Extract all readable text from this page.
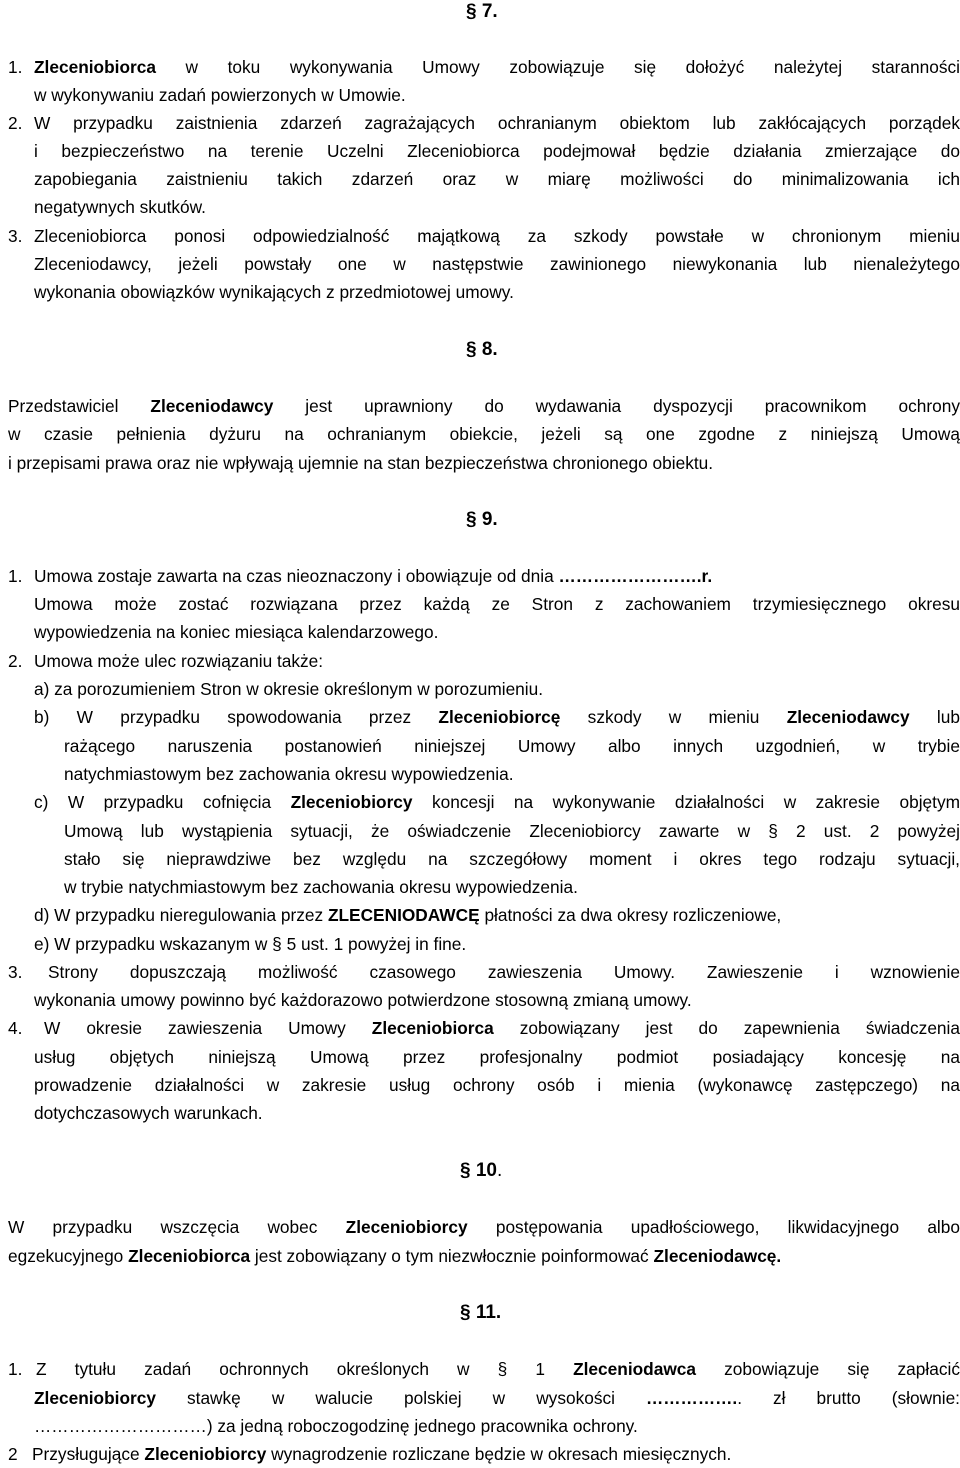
§ 7.
1. Zleceniobiorca w toku wykonywania Umowy zobowiązuje się dołożyć należytej staranności
w wykonywaniu zadań powierzonych w Umowie.
2. W przypadku zaistnienia zdarzeń zagrażających ochranianym obiektom lub zakłócających porządek
i bezpieczeństwo na terenie Uczelni Zleceniobiorca podejmował będzie działania zmierzające do
zapobiegania zaistnieniu takich zdarzeń oraz w miarę możliwości do minimalizowania ich
negatywnych skutków.
3. Zleceniobiorca ponosi odpowiedzialność majątkową za szkody powstałe w chronionym mieniu
Zleceniodawcy, jeżeli powstały one w następstwie zawinionego niewykonania lub nienależytego
wykonania obowiązków wynikających z przedmiotowej umowy.
§ 8.
Przedstawiciel Zleceniodawcy jest uprawniony do wydawania dyspozycji pracownikom ochrony
w czasie pełnienia dyżuru na ochranianym obiekcie, jeżeli są one zgodne z niniejszą Umową
i przepisami prawa oraz nie wpływają ujemnie na stan bezpieczeństwa chronionego obiektu.
§ 9.
1. Umowa zostaje zawarta na czas nieoznaczony i obowiązuje od dnia …………………….r.
Umowa może zostać rozwiązana przez każdą ze Stron z zachowaniem trzymiesięcznego okresu
wypowiedzenia na koniec miesiąca kalendarzowego.
2. Umowa może ulec rozwiązaniu także:
a) za porozumieniem Stron w okresie określonym w porozumieniu.
b) W przypadku spowodowania przez Zleceniobiorcę szkody w mieniu Zleceniodawcy lub
rażącego naruszenia postanowień niniejszej Umowy albo innych uzgodnień, w trybie
natychmiastowym bez zachowania okresu wypowiedzenia.
c) W przypadku cofnięcia Zleceniobiorcy koncesji na wykonywanie działalności w zakresie objętym
Umową lub wystąpienia sytuacji, że oświadczenie Zleceniobiorcy zawarte w § 2 ust. 2 powyżej
stało się nieprawdziwe bez względu na szczegółowy moment i okres tego rodzaju sytuacji,
w trybie natychmiastowym bez zachowania okresu wypowiedzenia.
d) W przypadku nieregulowania przez ZLECENIODAWCĘ płatności za dwa okresy rozliczeniowe,
e) W przypadku wskazanym w § 5 ust. 1 powyżej in fine.
3. Strony dopuszczają możliwość czasowego zawieszenia Umowy. Zawieszenie i wznowienie
wykonania umowy powinno być każdorazowo potwierdzone stosowną zmianą umowy.
4. W okresie zawieszenia Umowy Zleceniobiorca zobowiązany jest do zapewnienia świadczenia
usług objętych niniejszą Umową przez profesjonalny podmiot posiadający koncesję na
prowadzenie działalności w zakresie usług ochrony osób i mienia (wykonawcę zastępczego) na
dotychczasowych warunkach.
§ 10.
W przypadku wszczęcia wobec Zleceniobiorcy postępowania upadłościowego, likwidacyjnego albo
egzekucyjnego Zleceniobiorca jest zobowiązany o tym niezwłocznie poinformować Zleceniodawcę.
§ 11.
1. Z tytułu zadań ochronnych określonych w § 1 Zleceniodawca zobowiązuje się zapłacić
Zleceniobiorcy stawkę w walucie polskiej w wysokości …………….. zł brutto (słownie:
…………………………) za jedną roboczogodzinę jednego pracownika ochrony.
2 Przysługujące Zleceniobiorcy wynagrodzenie rozliczane będzie w okresach miesięcznych.
